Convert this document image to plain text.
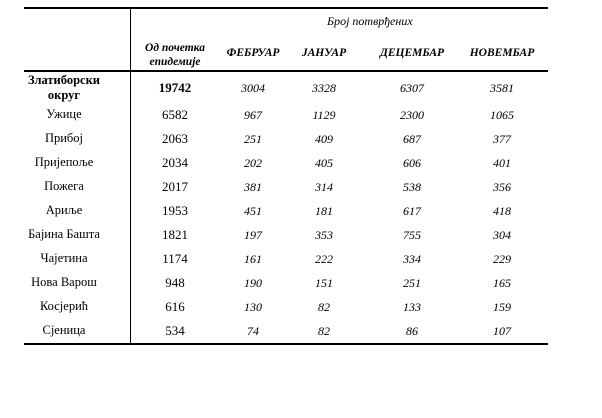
Број потврђених
Од почетка
епидемије
ФЕБРУАР	ЈАНУАР	ДЕЦЕМБАР	НОВЕМБАР
Златиборски
округ	19742	3004	3328	6307	3581
Ужице	6582	967	1129	2300	1065
Прибој	2063	251	409	687	377
Пријепоље	2034	202	405	606	401
Пожега	2017	381	314	538	356
Ариље	1953	451	181	617	418
Бајина Башта	1821	197	353	755	304
Чајетина	1174	161	222	334	229
Нова Варош	948	190	151	251	165
Косјерић	616	130	82	133	159
Сјеница	534	74	82	86	107
